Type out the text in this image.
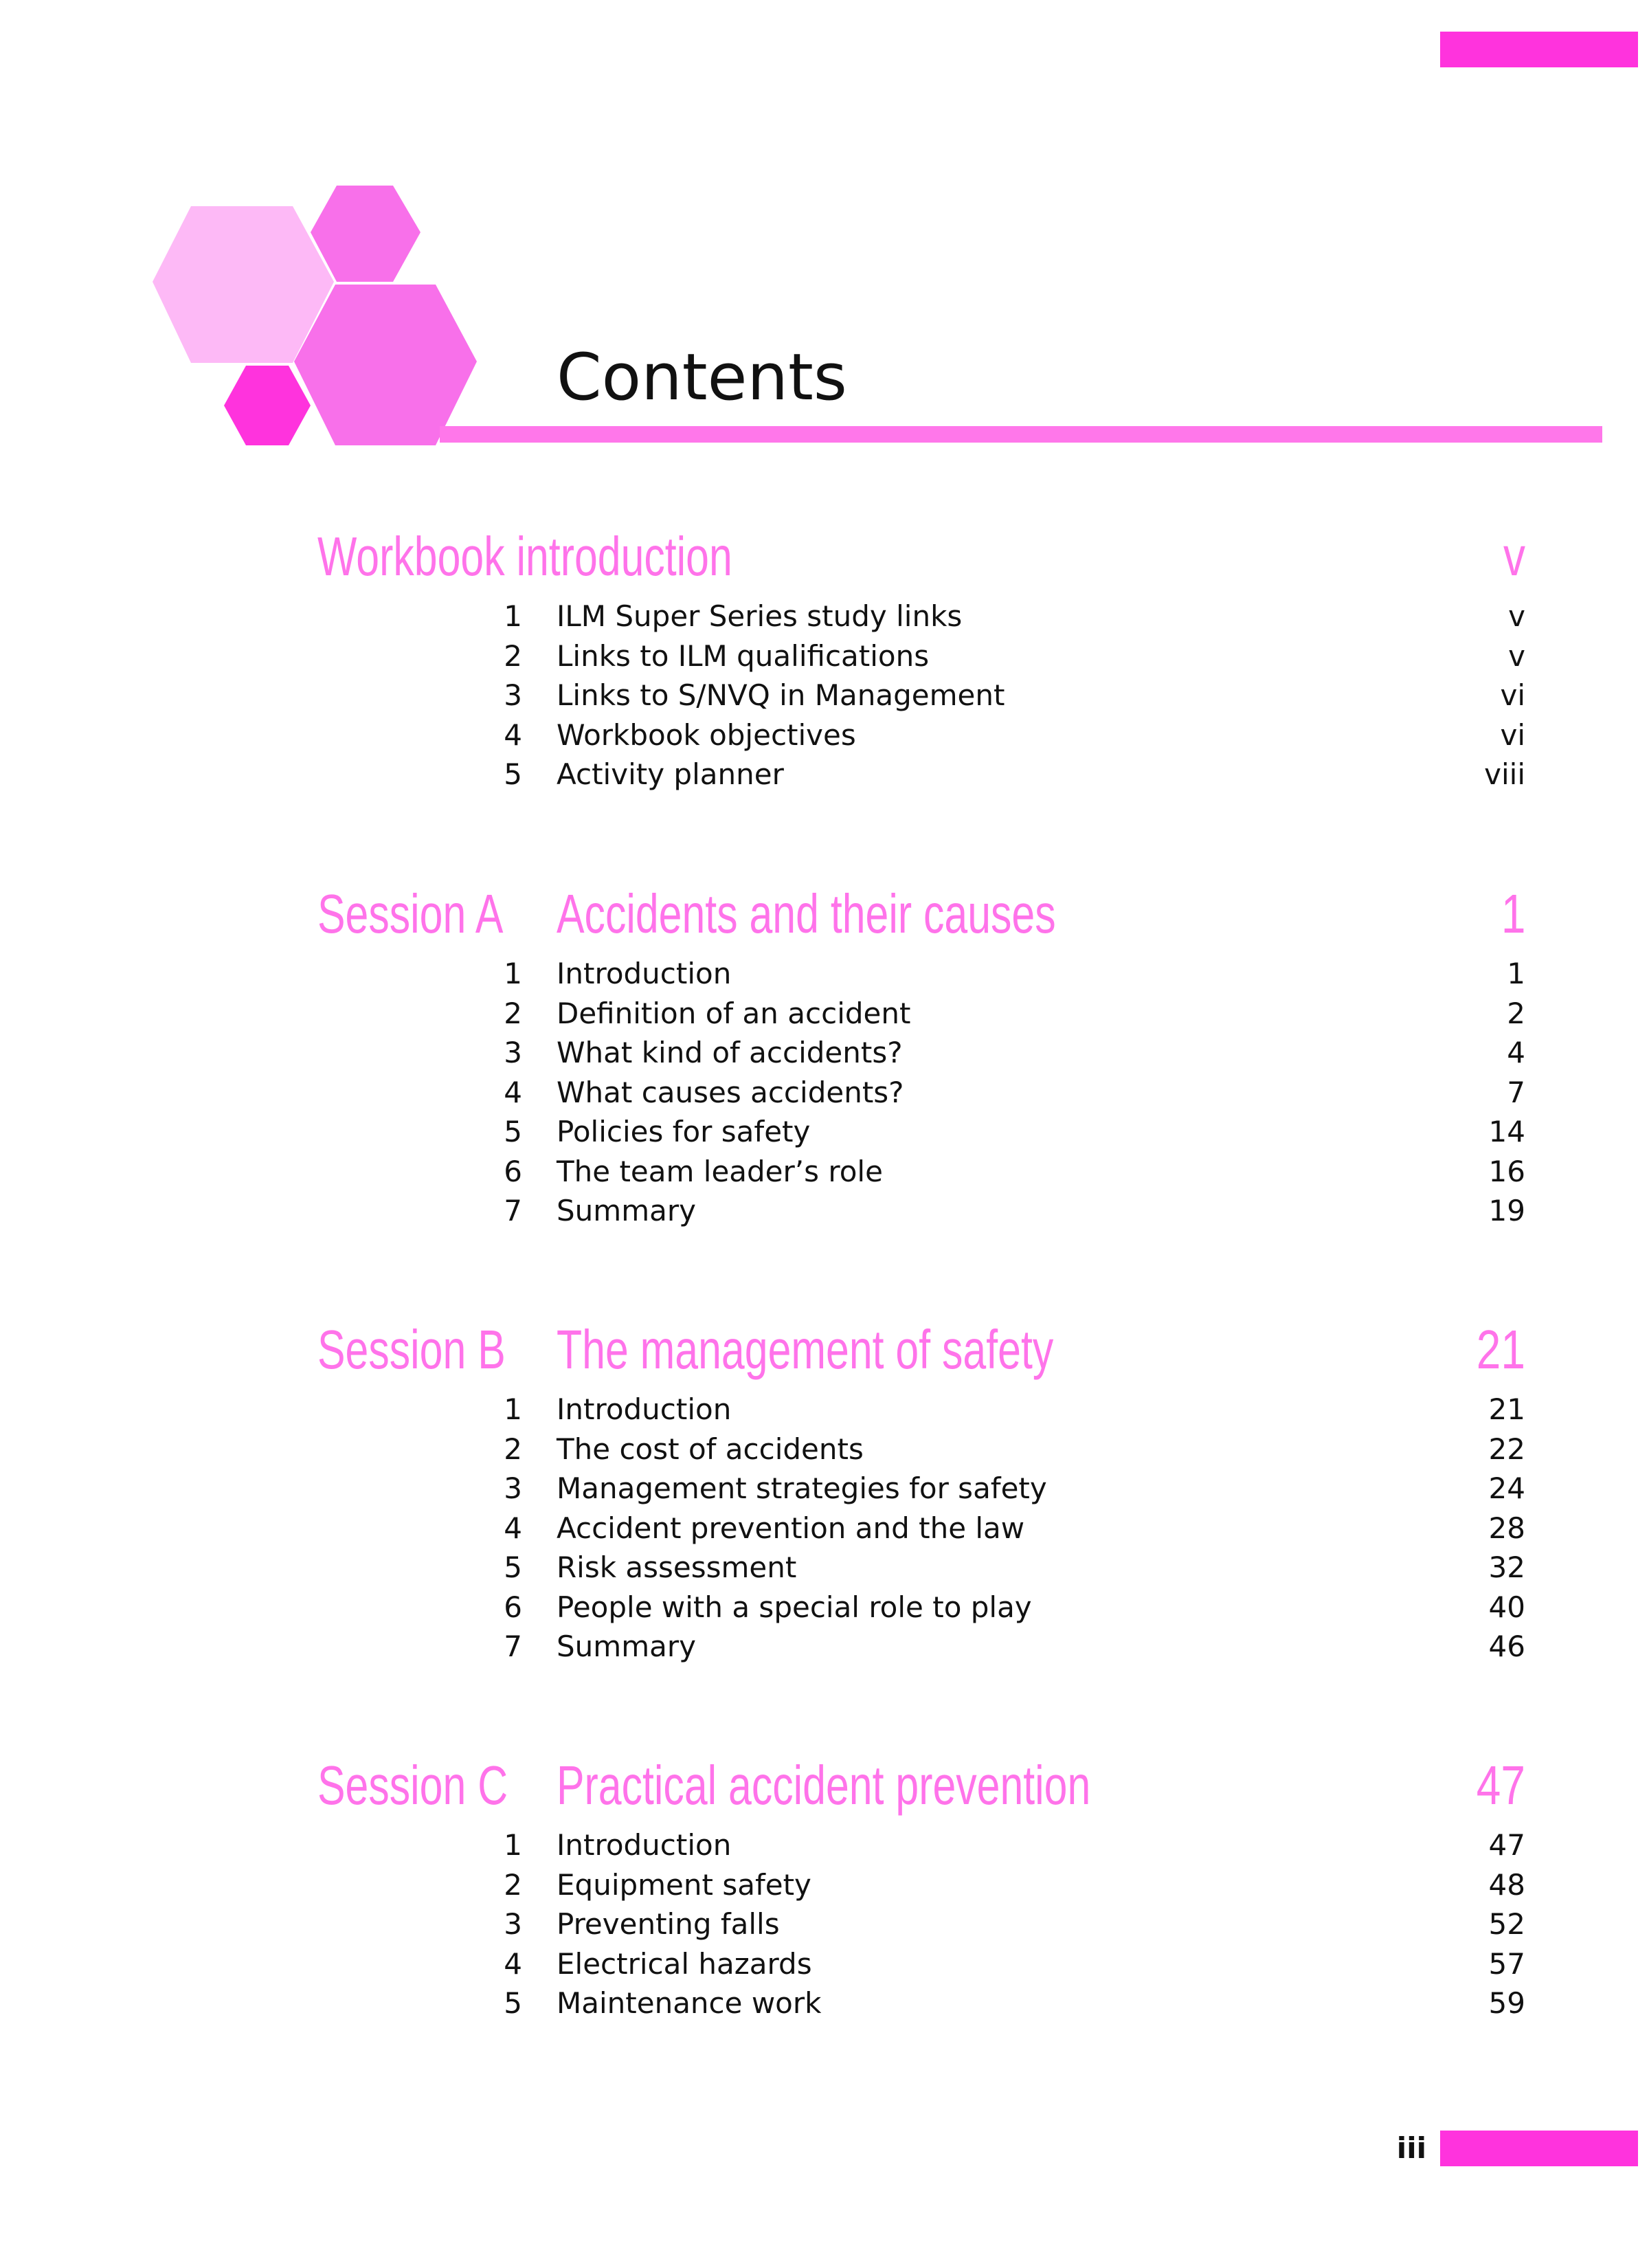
Contents
Workbook introduction	v
1 ILM Super Series study links	v
2 Links to ILM qualifications	v
3 Links to S/NVQ in Management	vi
4 Workbook objectives	vi
5 Activity planner	viii
Session A Accidents and their causes	1
1 Introduction	1
2 Definition of an accident	2
3 What kind of accidents?	4
4 What causes accidents?	7
5 Policies for safety	14
6 The team leader’s role	16
7 Summary	19
Session B The management of safety	21
1 Introduction	21
2 The cost of accidents	22
3 Management strategies for safety	24
4 Accident prevention and the law	28
5 Risk assessment	32
6 People with a special role to play	40
7 Summary	46
Session C Practical accident prevention	47
1 Introduction	47
2 Equipment safety	48
3 Preventing falls	52
4 Electrical hazards	57
5 Maintenance work	59
iii
